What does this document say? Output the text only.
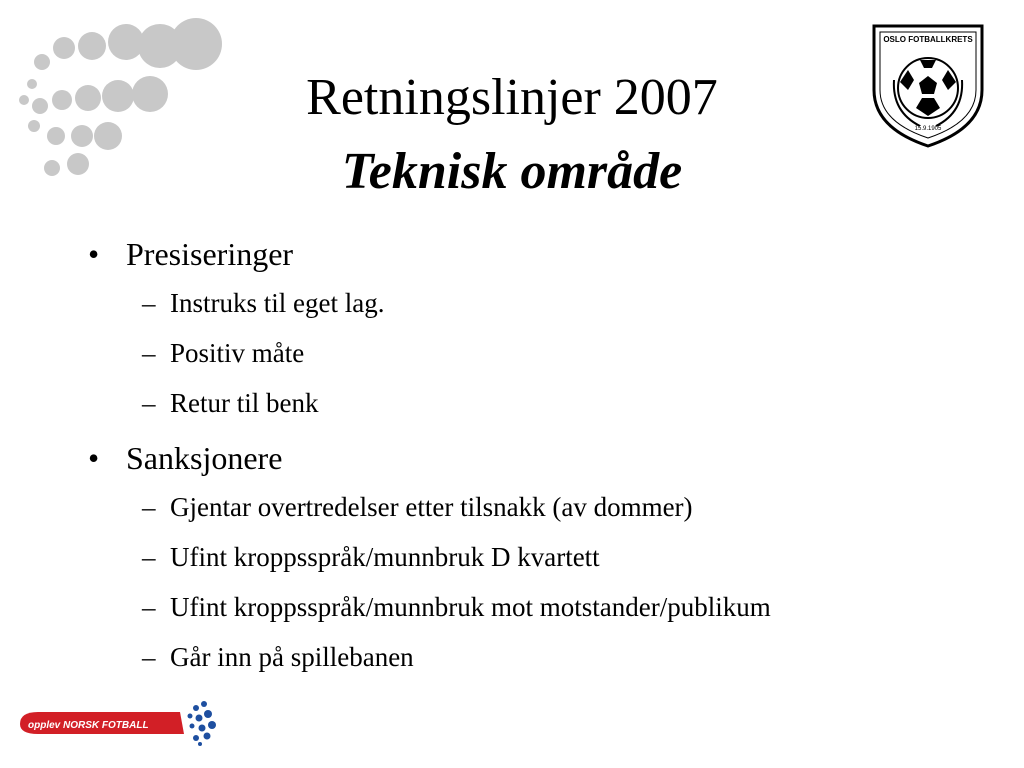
Retningslinjer 2007
Teknisk område
OSLO FOTBALLKRETS
15.9.1905
• Presiseringer
– Instruks til eget lag.
– Positiv måte
– Retur til benk
• Sanksjonere
– Gjentar overtredelser etter tilsnakk (av dommer)
– Ufint kroppsspråk/munnbruk D kvartett
– Ufint kroppsspråk/munnbruk mot motstander/publikum
– Går inn på spillebanen
opplev NORSK FOTBALL
